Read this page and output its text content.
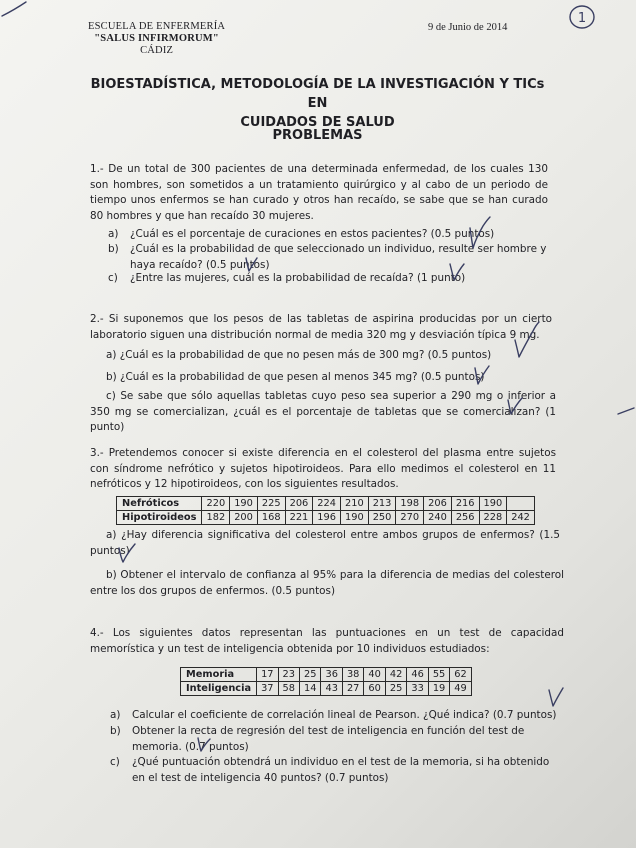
ESCUELA DE ENFERMERÍA
"SALUS INFIRMORUM"
CÁDIZ
9 de Junio de 2014
1
BIOESTADÍSTICA, METODOLOGÍA DE LA INVESTIGACIÓN Y TICs EN
CUIDADOS DE SALUD
PROBLEMAS
1.- De un total de 300 pacientes de una determinada enfermedad, de los cuales 130 son hombres, son sometidos a un tratamiento quirúrgico y al cabo de un periodo de tiempo unos enfermos se han curado y otros han recaído, se sabe que se han curado 80 hombres y que han recaído 30 mujeres.
a) ¿Cuál es el porcentaje de curaciones en estos pacientes? (0.5 puntos)
b) ¿Cuál es la probabilidad de que seleccionado un individuo, resulte ser hombre y haya recaído? (0.5 puntos)
c) ¿Entre las mujeres, cuál es la probabilidad de recaída? (1 punto)
2.- Si suponemos que los pesos de las tabletas de aspirina producidas por un cierto laboratorio siguen una distribución normal de media 320 mg y desviación típica 9 mg.
a) ¿Cuál es la probabilidad de que no pesen más de 300 mg? (0.5 puntos)
b) ¿Cuál es la probabilidad de que pesen al menos 345 mg? (0.5 puntos)
c) Se sabe que sólo aquellas tabletas cuyo peso sea superior a 290 mg o inferior a 350 mg se comercializan, ¿cuál es el porcentaje de tabletas que se comercializan? (1 punto)
3.- Pretendemos conocer si existe diferencia en el colesterol del plasma entre sujetos con síndrome nefrótico y sujetos hipotiroideos. Para ello medimos el colesterol en 11 nefróticos y 12 hipotiroideos, con los siguientes resultados.
Nefróticos	220	190	225	206	224	210	213	198	206	216	190	
Hipotiroideos	182	200	168	221	196	190	250	270	240	256	228	242
a) ¿Hay diferencia significativa del colesterol entre ambos grupos de enfermos? (1.5 puntos)
b) Obtener el intervalo de confianza al 95% para la diferencia de medias del colesterol entre los dos grupos de enfermos. (0.5 puntos)
4.- Los siguientes datos representan las puntuaciones en un test de capacidad memorística y un test de inteligencia obtenida por 10 individuos estudiados:
Memoria	17	23	25	36	38	40	42	46	55	62
Inteligencia	37	58	14	43	27	60	25	33	19	49
a) Calcular el coeficiente de correlación lineal de Pearson. ¿Qué indica? (0.7 puntos)
b) Obtener la recta de regresión del test de inteligencia en función del test de memoria. (0.7 puntos)
c) ¿Qué puntuación obtendrá un individuo en el test de la memoria, si ha obtenido en el test de inteligencia 40 puntos? (0.7 puntos)
